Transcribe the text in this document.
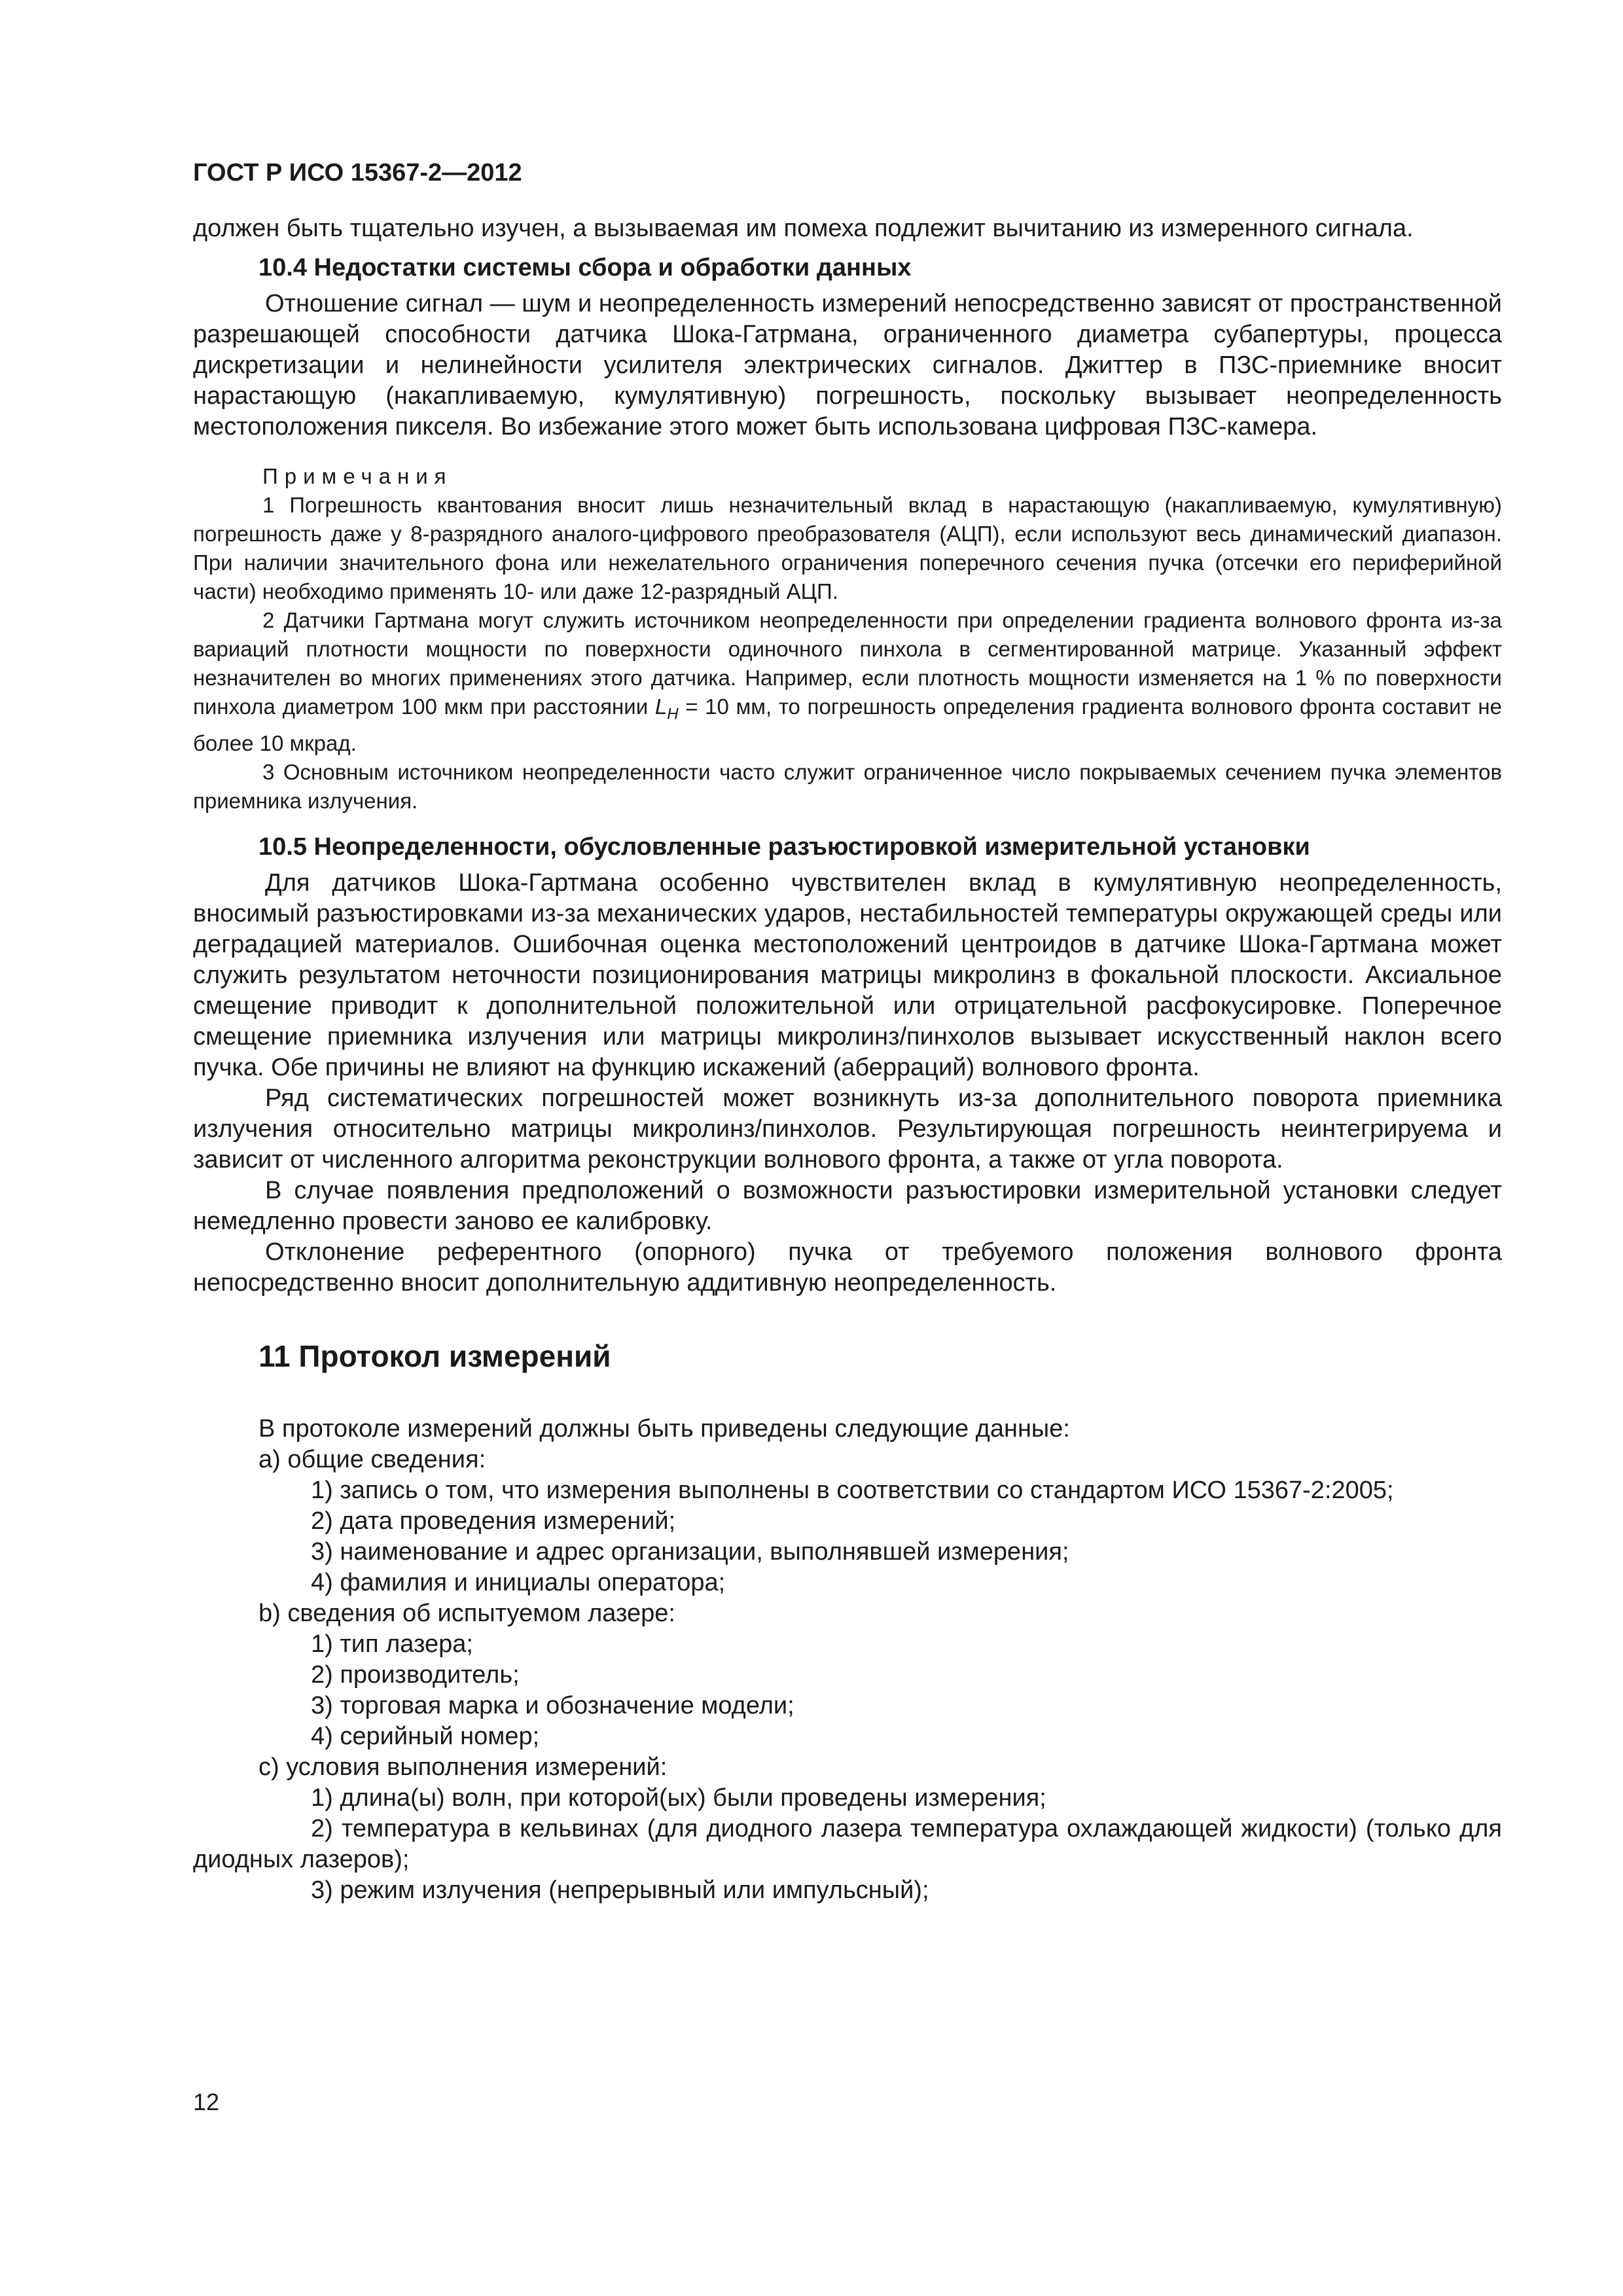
ГОСТ Р ИСО 15367-2—2012

должен быть тщательно изучен, а вызываемая им помеха подлежит вычитанию из измеренного сигнала.

10.4 Недостатки системы сбора и обработки данных

Отношение сигнал — шум и неопределенность измерений непосредственно зависят от пространственной разрешающей способности датчика Шока-Гатрмана, ограниченного диаметра субапертуры, процесса дискретизации и нелинейности усилителя электрических сигналов. Джиттер в ПЗС-приемнике вносит нарастающую (накапливаемую, кумулятивную) погрешность, поскольку вызывает неопределенность местоположения пикселя. Во избежание этого может быть использована цифровая ПЗС-камера.

Примечания

1 Погрешность квантования вносит лишь незначительный вклад в нарастающую (накапливаемую, кумулятивную) погрешность даже у 8-разрядного аналого-цифрового преобразователя (АЦП), если используют весь динамический диапазон. При наличии значительного фона или нежелательного ограничения поперечного сечения пучка (отсечки его периферийной части) необходимо применять 10- или даже 12-разрядный АЦП.

2 Датчики Гартмана могут служить источником неопределенности при определении градиента волнового фронта из-за вариаций плотности мощности по поверхности одиночного пинхола в сегментированной матрице. Указанный эффект незначителен во многих применениях этого датчика. Например, если плотность мощности изменяется на 1 % по поверхности пинхола диаметром 100 мкм при расстоянии $L_H = 10$ мм, то погрешность определения градиента волнового фронта составит не более 10 мкрад.

3 Основным источником неопределенности часто служит ограниченное число покрываемых сечением пучка элементов приемника излучения.

10.5 Неопределенности, обусловленные разъюстировкой измерительной установки

Для датчиков Шока-Гартмана особенно чувствителен вклад в кумулятивную неопределенность, вносимый разъюстировками из-за механических ударов, нестабильностей температуры окружающей среды или деградацией материалов. Ошибочная оценка местоположений центроидов в датчике Шока-Гартмана может служить результатом неточности позиционирования матрицы микролинз в фокальной плоскости. Аксиальное смещение приводит к дополнительной положительной или отрицательной расфокусировке. Поперечное смещение приемника излучения или матрицы микролинз/пинхолов вызывает искусственный наклон всего пучка. Обе причины не влияют на функцию искажений (аберраций) волнового фронта.

Ряд систематических погрешностей может возникнуть из-за дополнительного поворота приемника излучения относительно матрицы микролинз/пинхолов. Результирующая погрешность неинтегрируема и зависит от численного алгоритма реконструкции волнового фронта, а также от угла поворота.

В случае появления предположений о возможности разъюстировки измерительной установки следует немедленно провести заново ее калибровку.

Отклонение референтного (опорного) пучка от требуемого положения волнового фронта непосредственно вносит дополнительную аддитивную неопределенность.

11 Протокол измерений
В протоколе измерений должны быть приведены следующие данные:
a) общие сведения:
1) запись о том, что измерения выполнены в соответствии со стандартом ИСО 15367-2:2005;
2) дата проведения измерений;
3) наименование и адрес организации, выполнявшей измерения;
4) фамилия и инициалы оператора;
b) сведения об испытуемом лазере:
1) тип лазера;
2) производитель;
3) торговая марка и обозначение модели;
4) серийный номер;
c) условия выполнения измерений:
1) длина(ы) волн, при которой(ых) были проведены измерения;

2) температура в кельвинах (для диодного лазера температура охлаждающей жидкости) (только для диодных лазеров);

3) режим излучения (непрерывный или импульсный);
12
